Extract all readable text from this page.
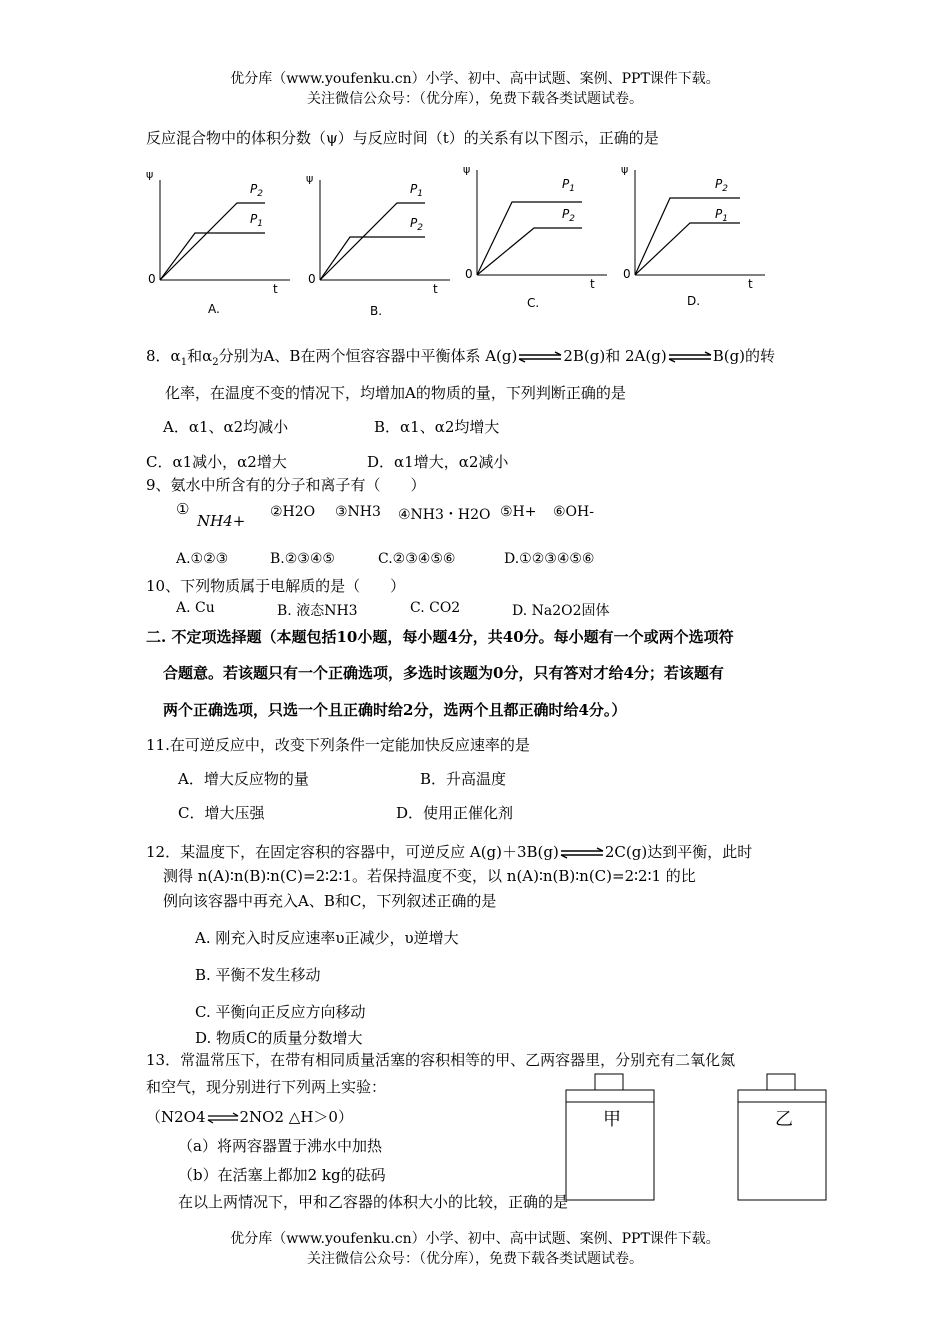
优分库（www.youfenku.cn）小学、初中、高中试题、案例、PPT课件下载。
关注微信公众号：（优分库），免费下载各类试题试卷。
反应混合物中的体积分数（ψ）与反应时间（t）的关系有以下图示，正确的是
ψ
0
t
$P_2$
$P_1$
A.
ψ
0
t
$P_1$
$P_2$
B.
ψ
0
t
$P_1$
$P_2$
C.
ψ
0
t
$P_2$
$P_1$
D.
8．$\alpha_1$和$\alpha_2$分别为A、B在两个恒容容器中平衡体系 A(g)⇌2B(g)和 2A(g)⇌B(g)的转
化率，在温度不变的情况下，均增加A的物质的量，下列判断正确的是
A．α1、α2均减小	B．α1、α2均增大
C．α1减小，α2增大	D．α1增大，α2减小
9、氨水中所含有的分子和离子有（　　）
①
NH4+ ②H2O ③NH3 ④NH3・H2O ⑤H+ ⑥OH-
A.①②③	B.②③④⑤	C.②③④⑤⑥	D.①②③④⑤⑥
10、下列物质属于电解质的是（　　）
A. Cu	B. 液态NH3	C. CO2	D. Na2O2固体
二. 不定项选择题（本题包括10小题，每小题4分，共40分。每小题有一个或两个选项符
合题意。若该题只有一个正确选项，多选时该题为0分，只有答对才给4分；若该题有
两个正确选项，只选一个且正确时给2分，选两个且都正确时给4分。）
11.在可逆反应中，改变下列条件一定能加快反应速率的是
A．增大反应物的量	B．升高温度
C．增大压强	D．使用正催化剂
12．某温度下，在固定容积的容器中，可逆反应 A(g)＋3B(g)⇌2C(g)达到平衡，此时
测得 n(A)∶n(B)∶n(C)=2∶2∶1。若保持温度不变，以 n(A)∶n(B)∶n(C)=2∶2∶1 的比
例向该容器中再充入A、B和C，下列叙述正确的是
A. 刚充入时反应速率υ正减少，υ逆增大
B. 平衡不发生移动
C. 平衡向正反应方向移动
D. 物质C的质量分数增大
13．常温常压下，在带有相同质量活塞的容积相等的甲、乙两容器里，分别充有二氧化氮
和空气，现分别进行下列两上实验：
（N2O4⇌2NO2 △H＞0）
（a）将两容器置于沸水中加热
（b）在活塞上都加2 kg的砝码
在以上两情况下，甲和乙容器的体积大小的比较，正确的是
甲	乙
优分库（www.youfenku.cn）小学、初中、高中试题、案例、PPT课件下载。
关注微信公众号：（优分库），免费下载各类试题试卷。
